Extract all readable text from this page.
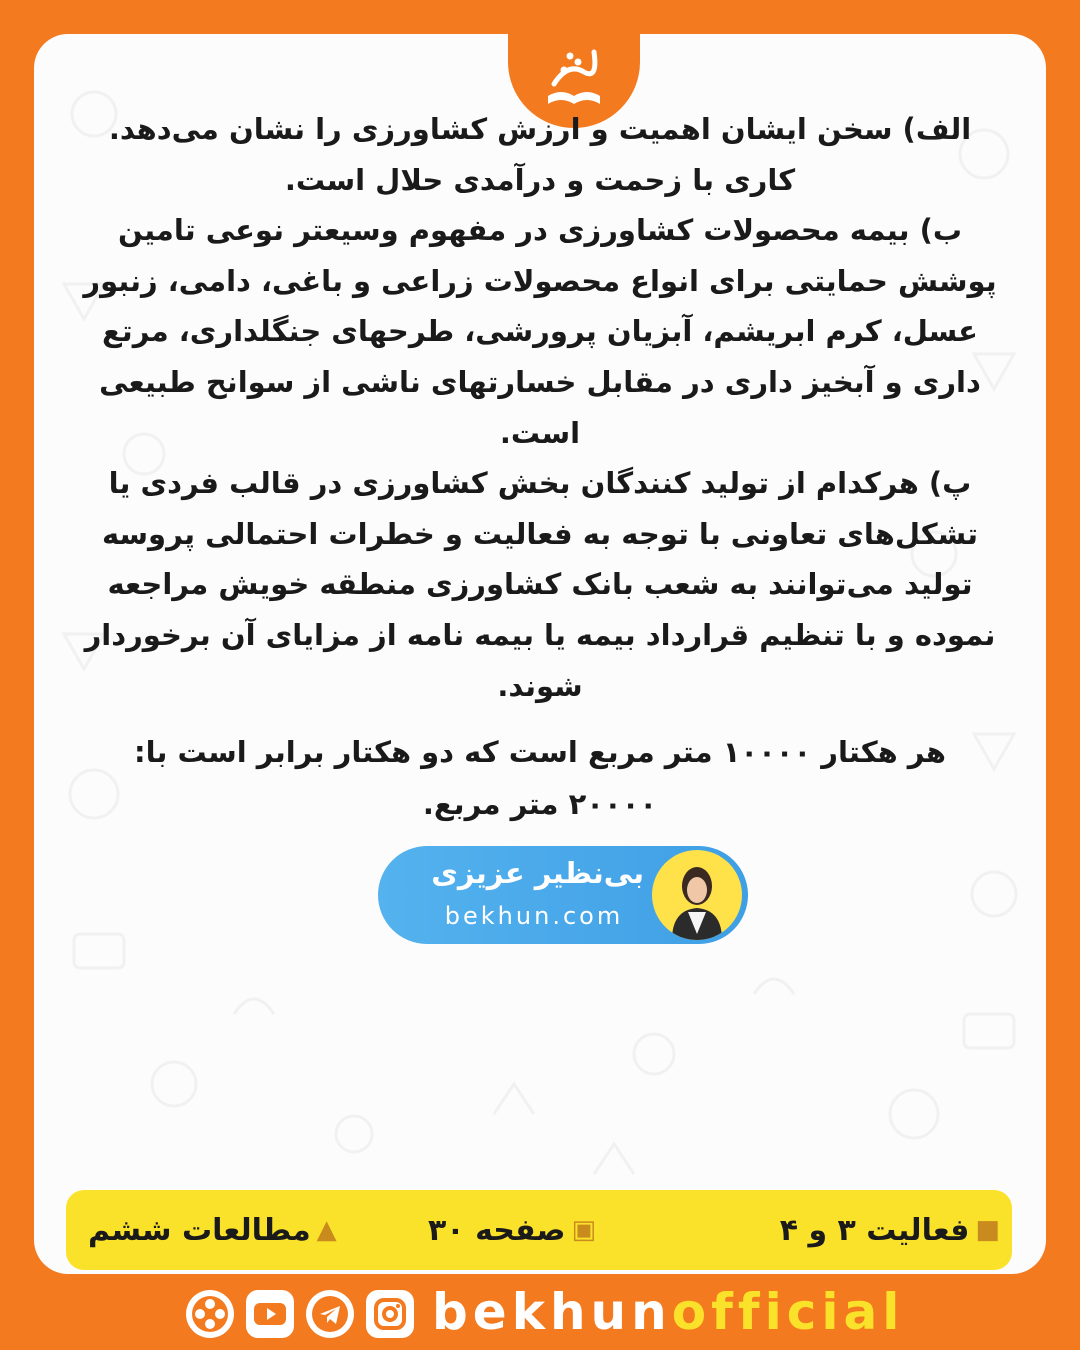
الف) سخن ایشان اهمیت و ارزش کشاورزی را نشان می‌دهد. کاری با زحمت و درآمدی حلال است.

ب) بیمه محصولات کشاورزی در مفهوم وسیعتر نوعی تامین پوشش حمایتی برای انواع محصولات زراعی و باغی، دامی، زنبور عسل، کرم ابریشم، آبزیان پرورشی، طرحهای جنگلداری، مرتع داری و آبخیز داری در مقابل خسارتهای ناشی از سوانح طبیعی است.

پ) هرکدام از تولید کنندگان بخش کشاورزی در قالب فردی یا تشکل‌های تعاونی با توجه به فعالیت و خطرات احتمالی پروسه تولید می‌توانند به شعب بانک کشاورزی منطقه خویش مراجعه نموده و با تنظیم قرارداد بیمه یا بیمه نامه از مزایای آن برخوردار شوند.

هر هکتار ۱۰۰۰۰ متر مربع است که دو هکتار برابر است با:

۲۰۰۰۰ متر مربع.

بی‌نظیر عزیزی
bekhun.com
■
فعالیت ۳ و ۴
▣
صفحه ۳۰
▲
مطالعات ششم
bekhunofficial
